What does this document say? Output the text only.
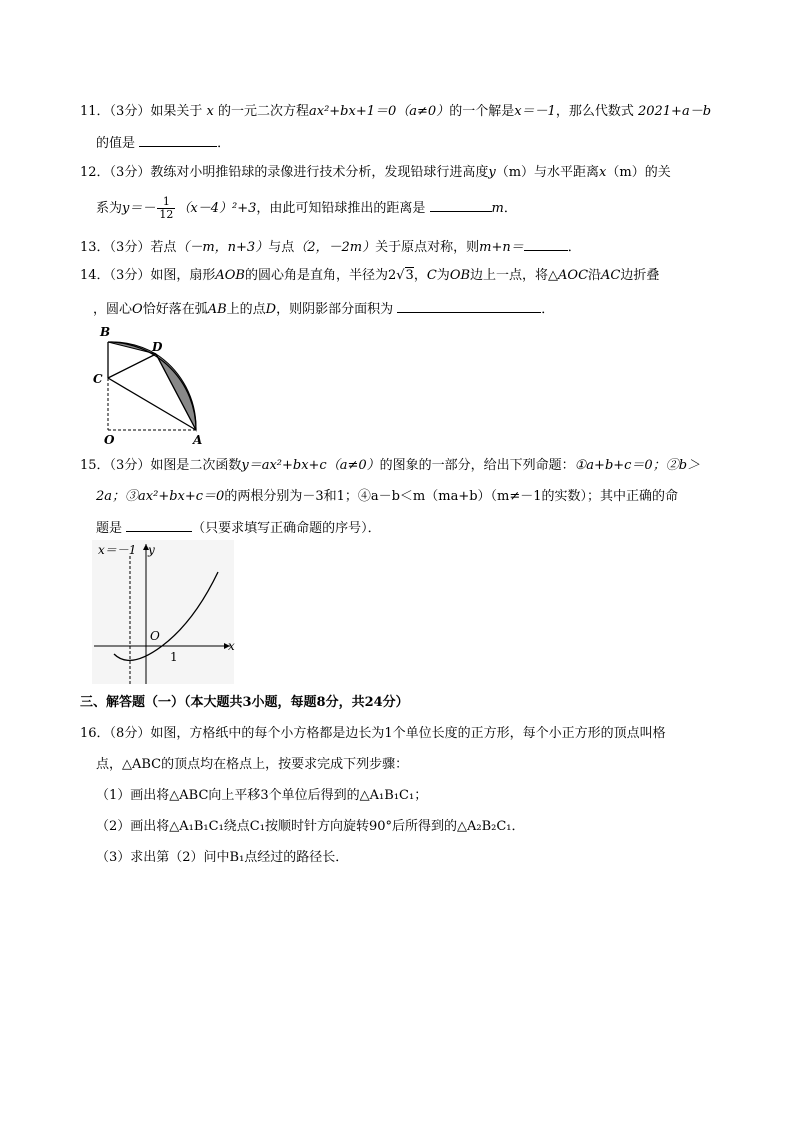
11．（3分）如果关于 x 的一元二次方程ax²+bx+1＝0（a≠0）的一个解是x＝－1，那么代数式 2021+a－b
的值是	．
12．（3分）教练对小明推铅球的录像进行技术分析，发现铅球行进高度y（m）与水平距离x（m）的关
系为$y=- \frac{1}{12} (x-4)^2+3$，由此可知铅球推出的距离是	m．
13．（3分）若点（－m，n+3）与点（2，－2m）关于原点对称，则m+n＝	．
14．（3分）如图，扇形AOB的圆心角是直角，半径为2√3，C为OB边上一点，将△AOC沿AC边折叠
，圆心O恰好落在弧AB上的点D，则阴影部分面积为	．
B
D
C
O	A
15．（3分）如图是二次函数y＝ax²+bx+c（a≠0）的图象的一部分，给出下列命题：①a+b+c＝0；②b＞
2a；③ax²+bx+c＝0的两根分别为－3和1；④a－b＜m（ma+b）（m≠－1的实数）；其中正确的命
题是	（只要求填写正确命题的序号）．
x＝－1 y
x
O
1
三、解答题（一）（本大题共3小题，每题8分，共24分）
16．（8分）如图，方格纸中的每个小方格都是边长为1个单位长度的正方形，每个小正方形的顶点叫格
点，△ABC的顶点均在格点上，按要求完成下列步骤：
（1）画出将△ABC向上平移3个单位后得到的△A₁B₁C₁；
（2）画出将△A₁B₁C₁绕点C₁按顺时针方向旋转90°后所得到的△A₂B₂C₁．
（3）求出第（2）问中B₁点经过的路径长．
